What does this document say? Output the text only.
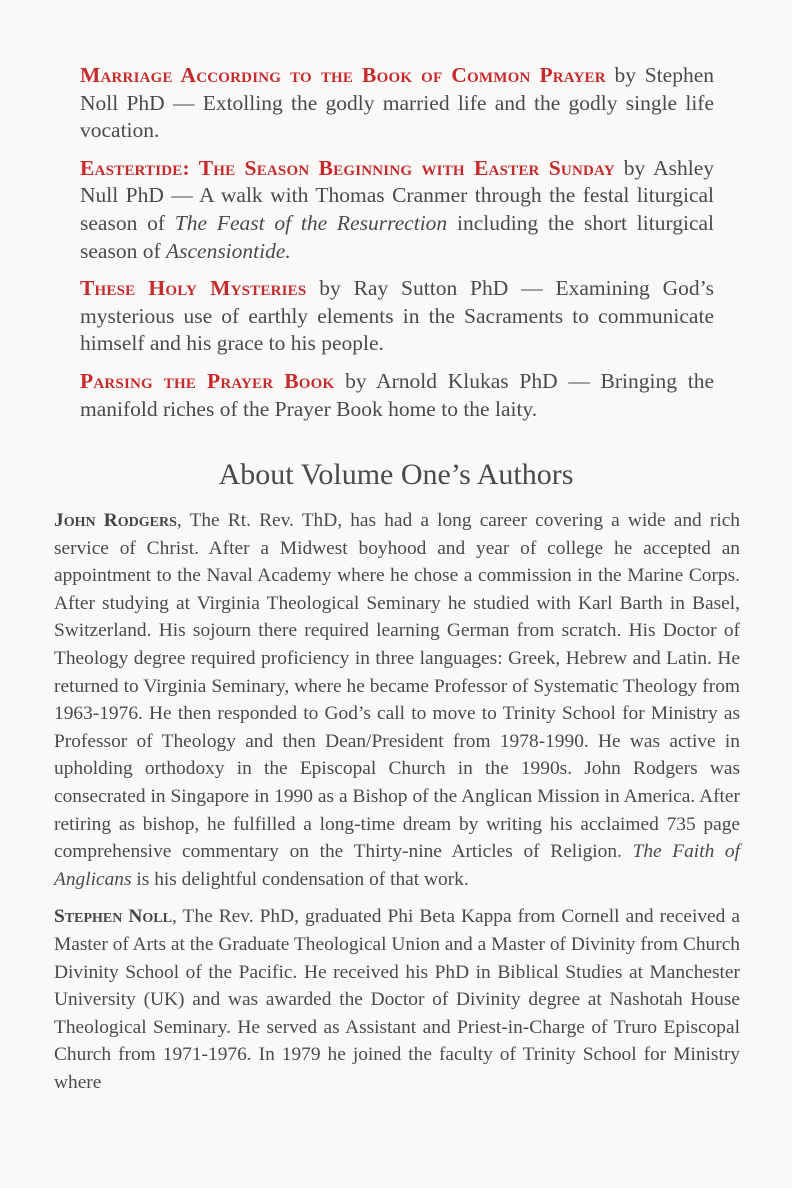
Marriage According to the Book of Common Prayer by Stephen Noll PhD — Extolling the godly married life and the godly single life vocation.

Eastertide: The Season Beginning with Easter Sunday by Ashley Null PhD — A walk with Thomas Cranmer through the festal liturgical season of The Feast of the Resurrection including the short liturgical season of Ascensiontide.

These Holy Mysteries by Ray Sutton PhD — Examining God’s mysterious use of earthly elements in the Sacraments to communicate himself and his grace to his people.

Parsing the Prayer Book by Arnold Klukas PhD — Bringing the manifold riches of the Prayer Book home to the laity.

About Volume One’s Authors

John Rodgers, The Rt. Rev. ThD, has had a long career covering a wide and rich service of Christ. After a Midwest boyhood and year of college he accepted an appointment to the Naval Academy where he chose a commission in the Marine Corps. After studying at Virginia Theological Seminary he studied with Karl Barth in Basel, Switzerland. His sojourn there required learning German from scratch. His Doctor of Theology degree required proficiency in three languages: Greek, Hebrew and Latin. He returned to Virginia Seminary, where he became Professor of Systematic Theology from 1963-1976. He then responded to God’s call to move to Trinity School for Ministry as Professor of Theology and then Dean/President from 1978-1990. He was active in upholding orthodoxy in the Episcopal Church in the 1990s. John Rodgers was consecrated in Singapore in 1990 as a Bishop of the Anglican Mission in America. After retiring as bishop, he fulfilled a long-time dream by writing his acclaimed 735 page comprehensive commentary on the Thirty-nine Articles of Religion. The Faith of Anglicans is his delightful condensation of that work.

Stephen Noll, The Rev. PhD, graduated Phi Beta Kappa from Cornell and received a Master of Arts at the Graduate Theological Union and a Master of Divinity from Church Divinity School of the Pacific. He received his PhD in Biblical Studies at Manchester University (UK) and was awarded the Doctor of Divinity degree at Nashotah House Theological Seminary. He served as Assistant and Priest-in-Charge of Truro Episcopal Church from 1971-1976. In 1979 he joined the faculty of Trinity School for Ministry where
